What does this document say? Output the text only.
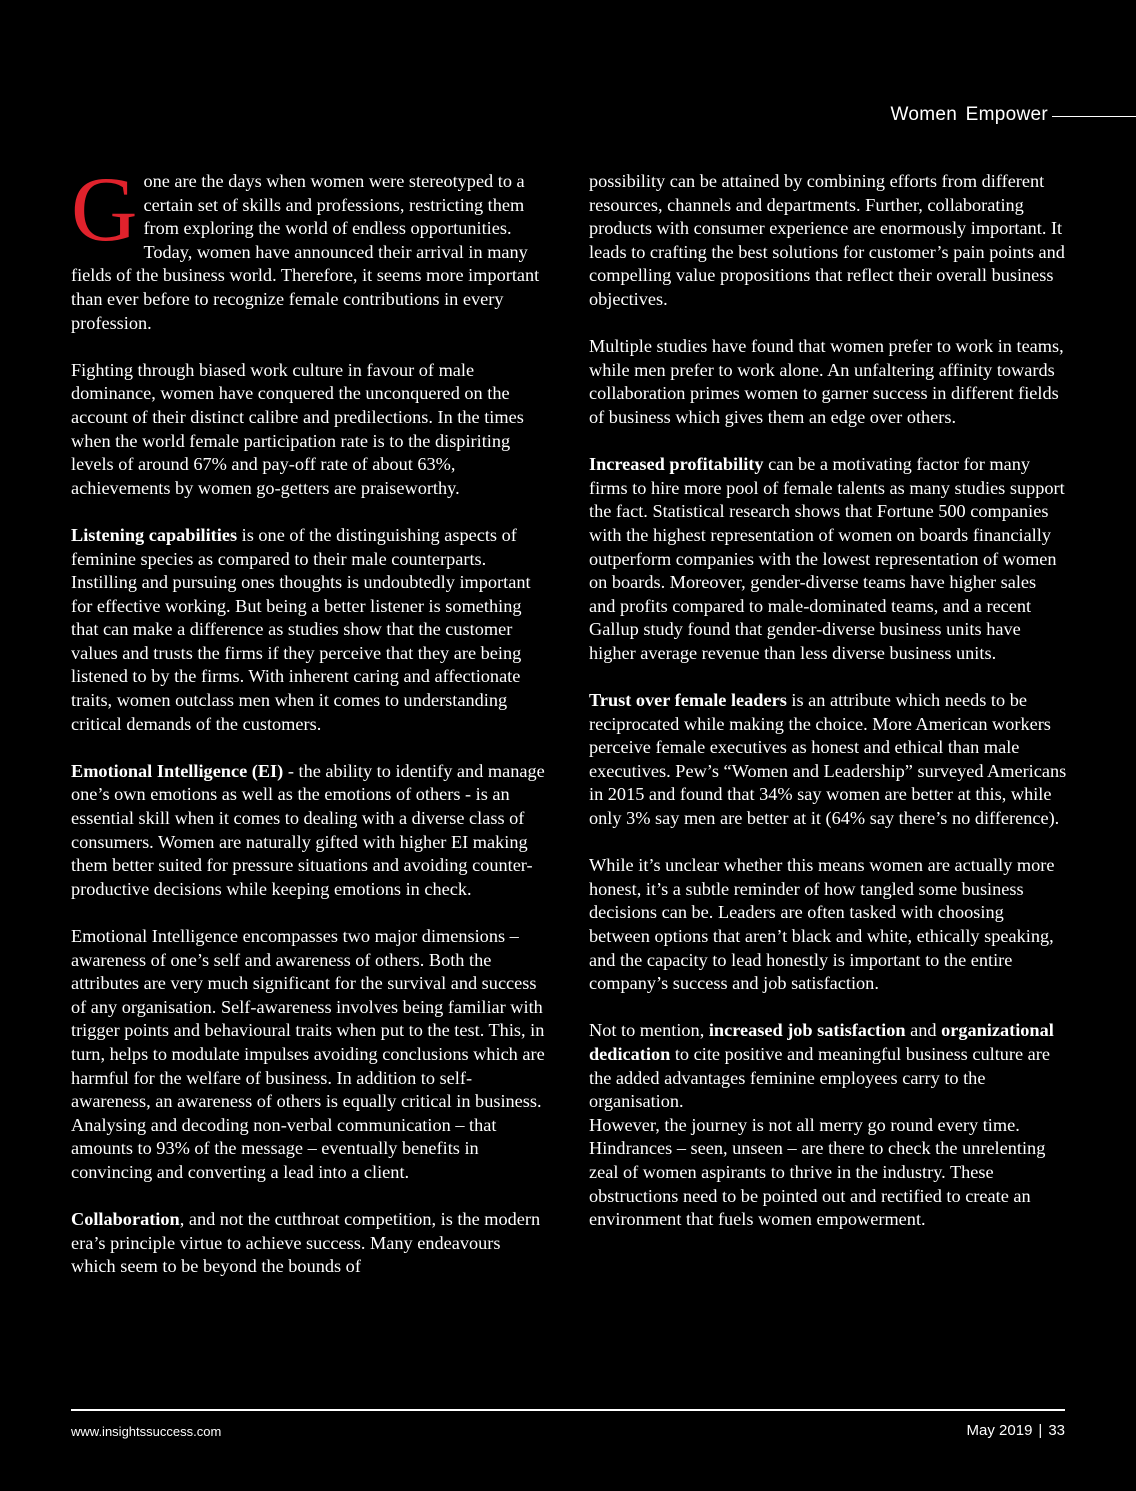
Women Empower

Gone are the days when women were stereotyped to a certain set of skills and professions, restricting them from exploring the world of endless opportunities. Today, women have announced their arrival in many fields of the business world. Therefore, it seems more important than ever before to recognize female contributions in every profession.

Fighting through biased work culture in favour of male dominance, women have conquered the unconquered on the account of their distinct calibre and predilections. In the times when the world female participation rate is to the dispiriting levels of around 67% and pay-off rate of about 63%, achievements by women go-getters are praiseworthy.

Listening capabilities is one of the distinguishing aspects of feminine species as compared to their male counterparts. Instilling and pursuing ones thoughts is undoubtedly important for effective working. But being a better listener is something that can make a difference as studies show that the customer values and trusts the firms if they perceive that they are being listened to by the firms. With inherent caring and affectionate traits, women outclass men when it comes to understanding critical demands of the customers.

Emotional Intelligence (EI) - the ability to identify and manage one’s own emotions as well as the emotions of others - is an essential skill when it comes to dealing with a diverse class of consumers. Women are naturally gifted with higher EI making them better suited for pressure situations and avoiding counter-productive decisions while keeping emotions in check.

Emotional Intelligence encompasses two major dimensions – awareness of one’s self and awareness of others. Both the attributes are very much significant for the survival and success of any organisation. Self-awareness involves being familiar with trigger points and behavioural traits when put to the test. This, in turn, helps to modulate impulses avoiding conclusions which are harmful for the welfare of business. In addition to self-awareness, an awareness of others is equally critical in business. Analysing and decoding non-verbal communication – that amounts to 93% of the message – eventually benefits in convincing and converting a lead into a client.

Collaboration, and not the cutthroat competition, is the modern era’s principle virtue to achieve success. Many endeavours which seem to be beyond the bounds of

possibility can be attained by combining efforts from different resources, channels and departments. Further, collaborating products with consumer experience are enormously important. It leads to crafting the best solutions for customer’s pain points and compelling value propositions that reflect their overall business objectives.

Multiple studies have found that women prefer to work in teams, while men prefer to work alone. An unfaltering affinity towards collaboration primes women to garner success in different fields of business which gives them an edge over others.

Increased profitability can be a motivating factor for many firms to hire more pool of female talents as many studies support the fact. Statistical research shows that Fortune 500 companies with the highest representation of women on boards financially outperform companies with the lowest representation of women on boards. Moreover, gender-diverse teams have higher sales and profits compared to male-dominated teams, and a recent Gallup study found that gender-diverse business units have higher average revenue than less diverse business units.

Trust over female leaders is an attribute which needs to be reciprocated while making the choice. More American workers perceive female executives as honest and ethical than male executives. Pew’s “Women and Leadership” surveyed Americans in 2015 and found that 34% say women are better at this, while only 3% say men are better at it (64% say there’s no difference).

While it’s unclear whether this means women are actually more honest, it’s a subtle reminder of how tangled some business decisions can be. Leaders are often tasked with choosing between options that aren’t black and white, ethically speaking, and the capacity to lead honestly is important to the entire company’s success and job satisfaction.

Not to mention, increased job satisfaction and organizational dedication to cite positive and meaningful business culture are the added advantages feminine employees carry to the organisation.

However, the journey is not all merry go round every time. Hindrances – seen, unseen – are there to check the unrelenting zeal of women aspirants to thrive in the industry. These obstructions need to be pointed out and rectified to create an environment that fuels women empowerment.

www.insightssuccess.com	May 2019 | 33
